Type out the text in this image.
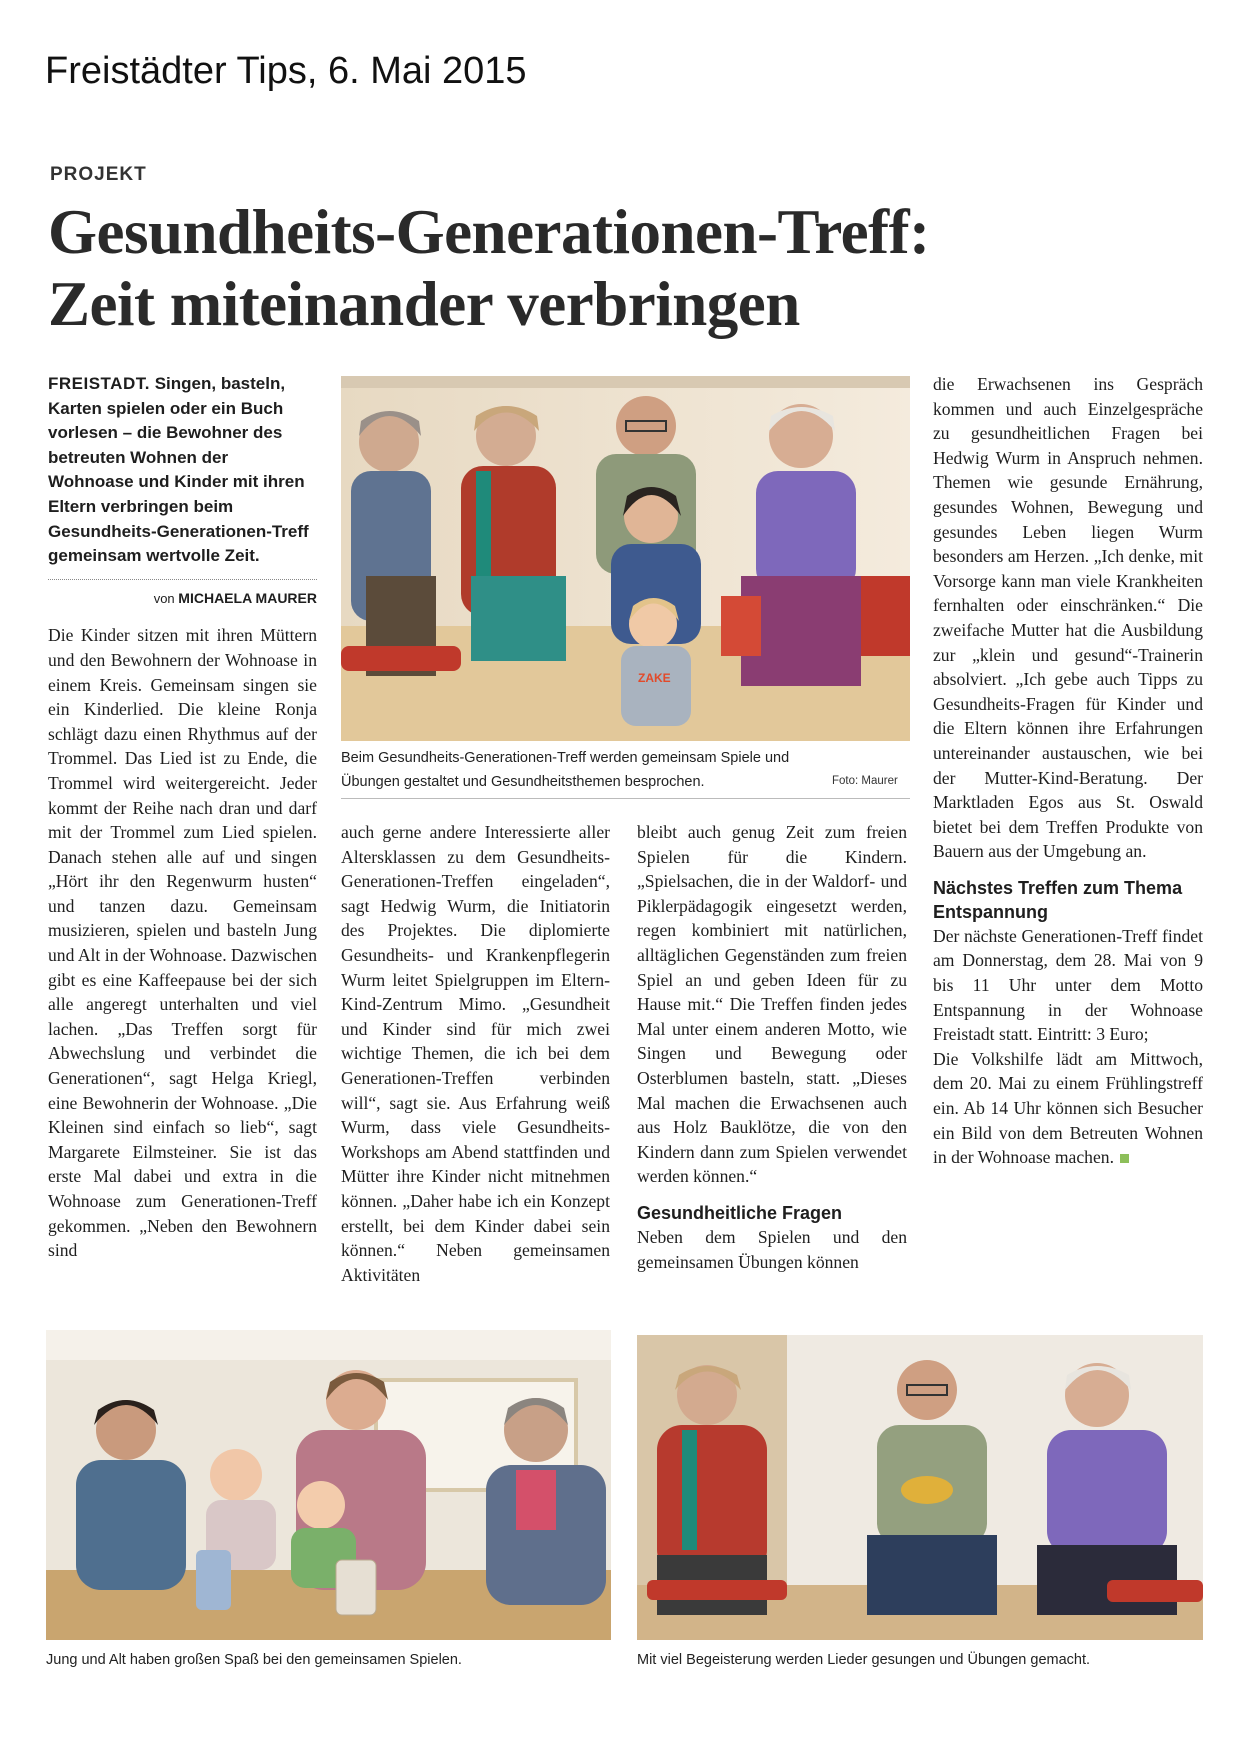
Freistädter Tips, 6. Mai 2015
PROJEKT
Gesundheits-Generationen-Treff:
Zeit miteinander verbringen

FREISTADT. Singen, basteln, Karten spielen oder ein Buch vorlesen – die Bewohner des betreuten Wohnen der Wohnoase und Kinder mit ihren Eltern verbringen beim Gesundheits-Generationen-Treff gemeinsam wertvolle Zeit.

von MICHAELA MAURER

Die Kinder sitzen mit ihren Müttern und den Bewohnern der Wohnoase in einem Kreis. Gemeinsam singen sie ein Kinderlied. Die kleine Ronja schlägt dazu einen Rhythmus auf der Trommel. Das Lied ist zu Ende, die Trommel wird weitergereicht. Jeder kommt der Reihe nach dran und darf mit der Trommel zum Lied spielen. Danach stehen alle auf und singen „Hört ihr den Regenwurm husten“ und tanzen dazu. Gemeinsam musizieren, spielen und basteln Jung und Alt in der Wohnoase. Dazwischen gibt es eine Kaffeepause bei der sich alle angeregt unterhalten und viel lachen. „Das Treffen sorgt für Abwechslung und verbindet die Generationen“, sagt Helga Kriegl, eine Bewohnerin der Wohnoase. „Die Kleinen sind einfach so lieb“, sagt Margarete Eilmsteiner. Sie ist das erste Mal dabei und extra in die Wohnoase zum Generationen-Treff gekommen. „Neben den Bewohnern sind

ZAKE
Beim Gesundheits-Generationen-Treff werden gemeinsam Spiele und Übungen gestaltet und Gesundheitsthemen besprochen.	Foto: Maurer

auch gerne andere Interessierte aller Altersklassen zu dem Gesundheits-Generationen-Treffen eingeladen“, sagt Hedwig Wurm, die Initiatorin des Projektes. Die diplomierte Gesundheits- und Krankenpflegerin Wurm leitet Spielgruppen im Eltern-Kind-Zentrum Mimo. „Gesundheit und Kinder sind für mich zwei wichtige Themen, die ich bei dem Generationen-Treffen verbinden will“, sagt sie. Aus Erfahrung weiß Wurm, dass viele Gesundheits-Workshops am Abend stattfinden und Mütter ihre Kinder nicht mitnehmen können. „Daher habe ich ein Konzept erstellt, bei dem Kinder dabei sein können.“ Neben gemeinsamen Aktivitäten

bleibt auch genug Zeit zum freien Spielen für die Kindern. „Spielsachen, die in der Waldorf- und Piklerpädagogik eingesetzt werden, regen kombiniert mit natürlichen, alltäglichen Gegenständen zum freien Spiel an und geben Ideen für zu Hause mit.“ Die Treffen finden jedes Mal unter einem anderen Motto, wie Singen und Bewegung oder Osterblumen basteln, statt. „Dieses Mal machen die Erwachsenen auch aus Holz Bauklötze, die von den Kindern dann zum Spielen verwendet werden können.“

Gesundheitliche Fragen

Neben dem Spielen und den gemeinsamen Übungen können

die Erwachsenen ins Gespräch kommen und auch Einzelgespräche zu gesundheitlichen Fragen bei Hedwig Wurm in Anspruch nehmen. Themen wie gesunde Ernährung, gesundes Wohnen, Bewegung und gesundes Leben liegen Wurm besonders am Herzen. „Ich denke, mit Vorsorge kann man viele Krankheiten fernhalten oder einschränken.“ Die zweifache Mutter hat die Ausbildung zur „klein und gesund“-Trainerin absolviert. „Ich gebe auch Tipps zu Gesundheits-Fragen für Kinder und die Eltern können ihre Erfahrungen untereinander austauschen, wie bei der Mutter-Kind-Beratung. Der Marktladen Egos aus St. Oswald bietet bei dem Treffen Produkte von Bauern aus der Umgebung an.

Nächstes Treffen zum Thema Entspannung

Der nächste Generationen-Treff findet am Donnerstag, dem 28. Mai von 9 bis 11 Uhr unter dem Motto Entspannung in der Wohnoase Freistadt statt. Eintritt: 3 Euro;

Die Volkshilfe lädt am Mittwoch, dem 20. Mai zu einem Frühlingstreff ein. Ab 14 Uhr können sich Besucher ein Bild von dem Betreuten Wohnen in der Wohnoase machen.

Jung und Alt haben großen Spaß bei den gemeinsamen Spielen.	Mit viel Begeisterung werden Lieder gesungen und Übungen gemacht.
